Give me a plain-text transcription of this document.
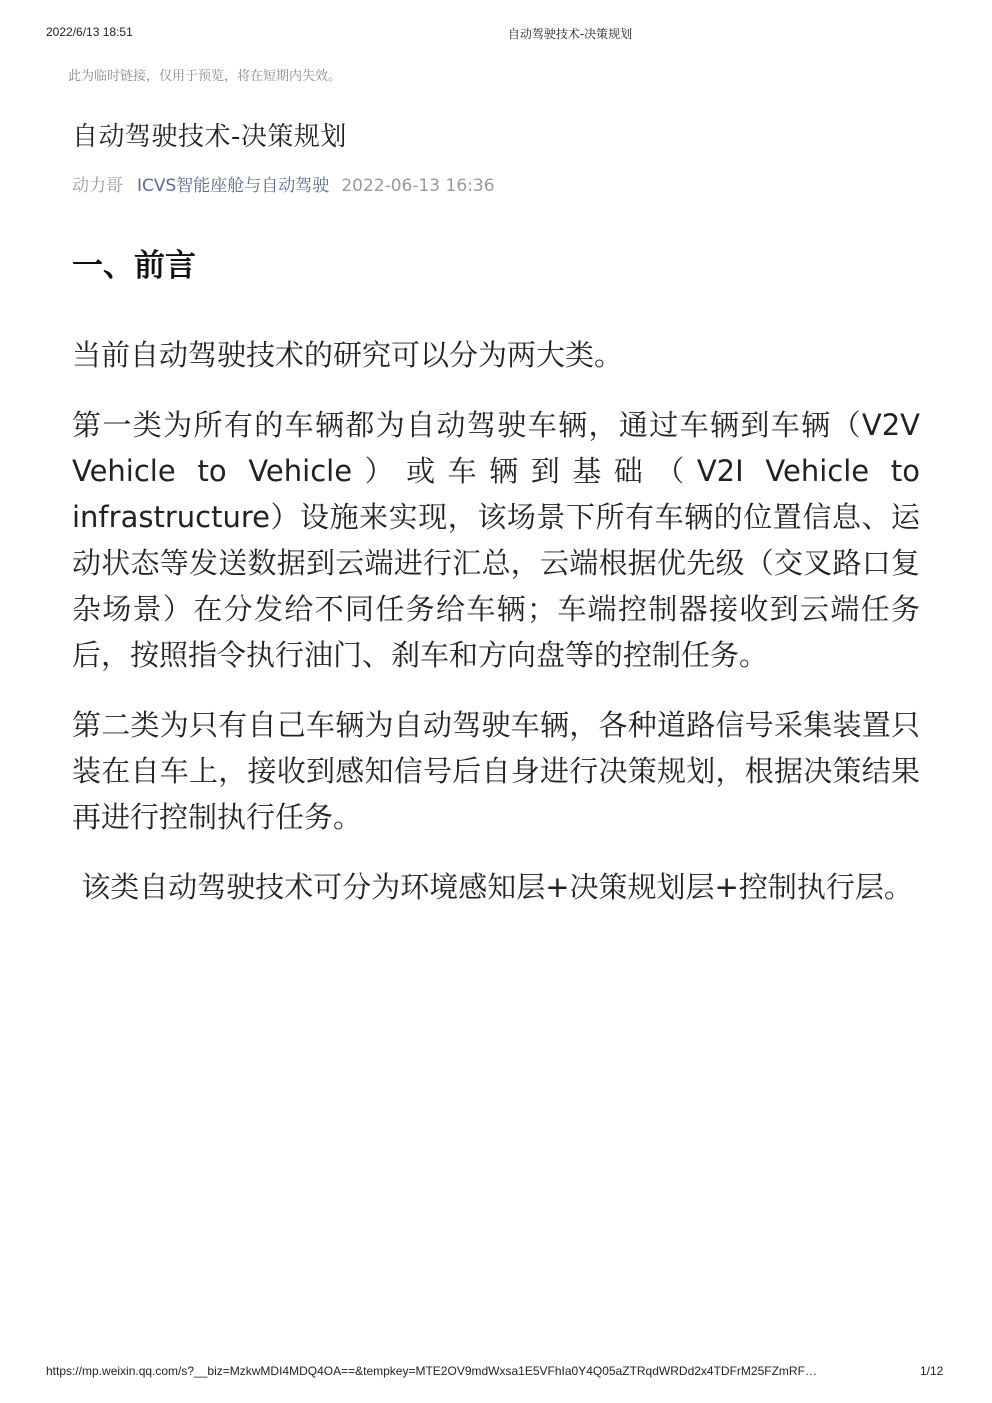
2022/6/13 18:51	自动驾驶技术-决策规划
此为临时链接，仅用于预览，将在短期内失效。
自动驾驶技术-决策规划
动力哥 ICVS智能座舱与自动驾驶 2022-06-13 16:36
一、前言

当前自动驾驶技术的研究可以分为两大类。

第一类为所有的车辆都为自动驾驶车辆，通过车辆到车辆（V2V Vehicle to Vehicle）或车辆到基础（V2I Vehicle to infrastructure）设施来实现，该场景下所有车辆的位置信息、运动状态等发送数据到云端进行汇总，云端根据优先级（交叉路口复杂场景）在分发给不同任务给车辆；车端控制器接收到云端任务后，按照指令执行油门、刹车和方向盘等的控制任务。

第二类为只有自己车辆为自动驾驶车辆，各种道路信号采集装置只装在自车上，接收到感知信号后自身进行决策规划，根据决策结果再进行控制执行任务。

该类自动驾驶技术可分为环境感知层+决策规划层+控制执行层。

https://mp.weixin.qq.com/s?__biz=MzkwMDI4MDQ4OA==&tempkey=MTE2OV9mdWxsa1E5VFhIa0Y4Q05aZTRqdWRDd2x4TDFrM25FZmRF…	1/12
